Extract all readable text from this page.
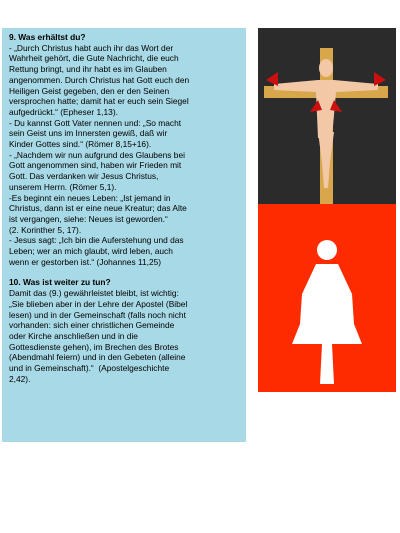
9. Was erhältst du?
- „Durch Christus habt auch ihr das Wort der
Wahrheit gehört, die Gute Nachricht, die euch
Rettung bringt, und ihr habt es im Glauben
angenommen. Durch Christus hat Gott euch den
Heiligen Geist gegeben, den er den Seinen
versprochen hatte; damit hat er euch sein Siegel
aufgedrückt.“ (Epheser 1,13).
- Du kannst Gott Vater nennen und: „So macht
sein Geist uns im Innersten gewiß, daß wir
Kinder Gottes sind.“ (Römer 8,15+16).
- „Nachdem wir nun aufgrund des Glaubens bei
Gott angenommen sind, haben wir Frieden mit
Gott. Das verdanken wir Jesus Christus,
unserem Herrn. (Römer 5,1).
-Es beginnt ein neues Leben: „Ist jemand in
Christus, dann ist er eine neue Kreatur; das Alte
ist vergangen, siehe: Neues ist geworden.“
(2. Korinther 5, 17).
- Jesus sagt: „Ich bin die Auferstehung und das
Leben; wer an mich glaubt, wird leben, auch
wenn er gestorben ist.“ (Johannes 11,25)
10. Was ist weiter zu tun?
Damit das (9.) gewährleistet bleibt, ist wichtig:
„Sie blieben aber in der Lehre der Apostel (Bibel
lesen) und in der Gemeinschaft (falls noch nicht
vorhanden: sich einer christlichen Gemeinde
oder Kirche anschließen und in die
Gottesdienste gehen), im Brechen des Brotes
(Abendmahl feiern) und in den Gebeten (alleine
und in Gemeinschaft).“  (Apostelgeschichte
2,42).
